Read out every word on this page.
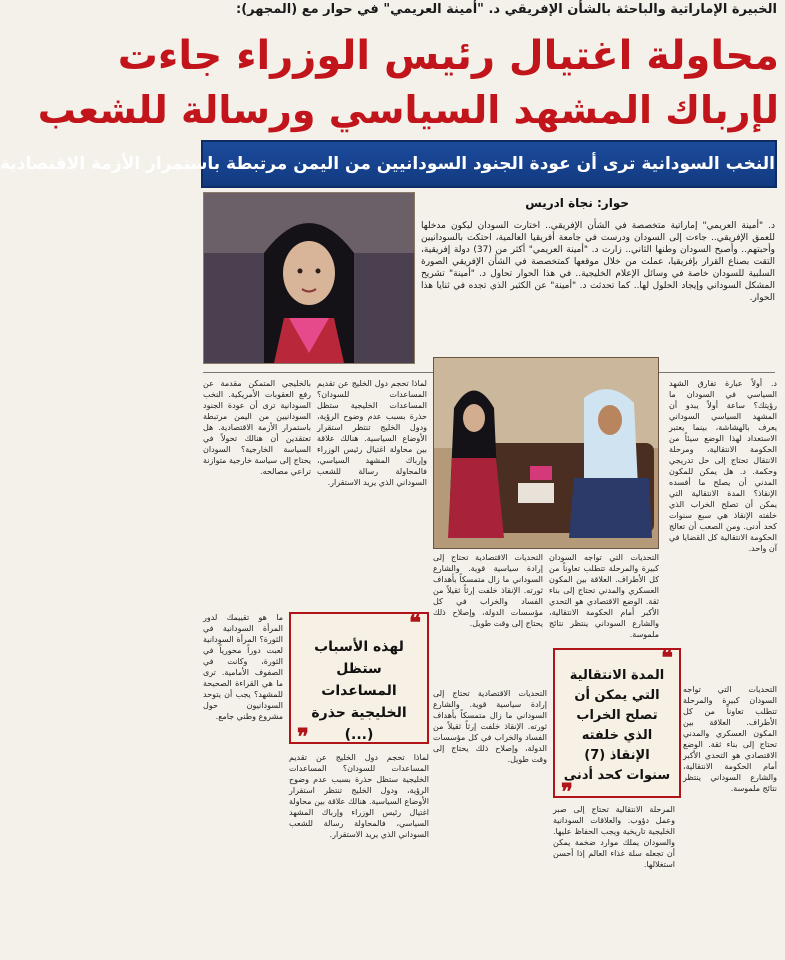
الخبيرة الإماراتية والباحثة بالشأن الإفريقي د. "أمينة العريمي" في حوار مع (المجهر):
محاولة اغتيال رئيس الوزراء جاءت
لإرباك المشهد السياسي ورسالة للشعب
النخب السودانية ترى أن عودة الجنود السودانيين من اليمن مرتبطة باستمرار الأزمة الاقتصادية
حوار: نجاة ادريس
د. "أمينة العريمي" إماراتية متخصصة في الشأن الإفريقي.. اختارت السودان ليكون مدخلها للعمق الإفريقي.. جاءت إلى السودان ودرست في جامعة أفريقيا العالمية، احتكت بالسودانيين وأحبتهم.. وأصبح السودان وطنها الثاني.. زارت د. "أمينة العريمي" أكثر من (37) دولة إفريقية، التقت بصناع القرار بإفريقيا، عملت من خلال موقعها كمتخصصة في الشأن الإفريقي الصورة السلبية للسودان خاصة في وسائل الإعلام الخليجية.. في هذا الحوار تحاول د. "أمينة" تشريح المشكل السوداني وإيجاد الحلول لها.. كما تحدثت د. "أمينة" عن الكثير الذي تجده في ثنايا هذا الحوار.
د. أولاً عبارة تفارق الشهد السياسي في السودان ما رؤيتك؟ ساعة أولاً يبدو أن المشهد السياسي السوداني يعرف بالهشاشة، بينما يعتبر الاستعداد لهذا الوضع سيئاً من الحكومة الانتقالية، ومرحلة الانتقال تحتاج إلى حل تدريجي وحكمة. د. هل يمكن للمكون المدني أن يصلح ما أفسده الإنقاذ؟ المدة الانتقالية التي يمكن أن تصلح الخراب الذي خلفته الإنقاذ هي سبع سنوات كحد أدنى. ومن الصعب أن تعالج الحكومة الانتقالية كل القضايا في آن واحد.
بالخليجي المتمكن مقدمة عن رفع العقوبات الأمريكية. النخب السودانية ترى أن عودة الجنود السودانيين من اليمن مرتبطة باستمرار الأزمة الاقتصادية. هل تعتقدين أن هنالك تحولاً في السياسة الخارجية؟ السودان يحتاج إلى سياسة خارجية متوازنة تراعي مصالحه.
لماذا تحجم دول الخليج عن تقديم المساعدات للسودان؟ المساعدات الخليجية ستظل حذرة بسبب عدم وضوح الرؤية، ودول الخليج تنتظر استقرار الأوضاع السياسية. هنالك علاقة بين محاولة اغتيال رئيس الوزراء وإرباك المشهد السياسي، فالمحاولة رسالة للشعب السوداني الذي يريد الاستقرار.
التحديات الاقتصادية تحتاج إلى إرادة سياسية قوية. والشارع السوداني ما زال متمسكاً بأهداف ثورته. الإنقاذ خلفت إرثاً ثقيلاً من الفساد والخراب في كل مؤسسات الدولة، وإصلاح ذلك يحتاج إلى وقت طويل.
التحديات التي تواجه السودان كبيرة والمرحلة تتطلب تعاوناً من كل الأطراف. العلاقة بين المكون العسكري والمدني تحتاج إلى بناء ثقة. الوضع الاقتصادي هو التحدي الأكبر أمام الحكومة الانتقالية، والشارع السوداني ينتظر نتائج ملموسة.
❝
لهذه الأسباب ستظل المساعدات الخليجية حذرة (...)
❞
❝
المدة الانتقالية التي يمكن أن تصلح الخراب الذي خلفته الإنقاذ (7) سنوات كحد أدنى
❞
ما هو تقييمك لدور المرأة السودانية في الثورة؟ المرأة السودانية لعبت دوراً محورياً في الثورة، وكانت في الصفوف الأمامية. ترى ما هي القراءة الصحيحة للمشهد؟ يجب أن يتوحد السودانيون حول مشروع وطني جامع.
لماذا تحجم دول الخليج عن تقديم المساعدات للسودان؟ المساعدات الخليجية ستظل حذرة بسبب عدم وضوح الرؤية، ودول الخليج تنتظر استقرار الأوضاع السياسية. هنالك علاقة بين محاولة اغتيال رئيس الوزراء وإرباك المشهد السياسي، فالمحاولة رسالة للشعب السوداني الذي يريد الاستقرار.
التحديات الاقتصادية تحتاج إلى إرادة سياسية قوية. والشارع السوداني ما زال متمسكاً بأهداف ثورته. الإنقاذ خلفت إرثاً ثقيلاً من الفساد والخراب في كل مؤسسات الدولة، وإصلاح ذلك يحتاج إلى وقت طويل.
المرحلة الانتقالية تحتاج إلى صبر وعمل دؤوب. والعلاقات السودانية الخليجية تاريخية ويجب الحفاظ عليها. والسودان يملك موارد ضخمة يمكن أن تجعله سلة غذاء العالم إذا أحسن استغلالها.
التحديات التي تواجه السودان كبيرة والمرحلة تتطلب تعاوناً من كل الأطراف. العلاقة بين المكون العسكري والمدني تحتاج إلى بناء ثقة. الوضع الاقتصادي هو التحدي الأكبر أمام الحكومة الانتقالية، والشارع السوداني ينتظر نتائج ملموسة.
